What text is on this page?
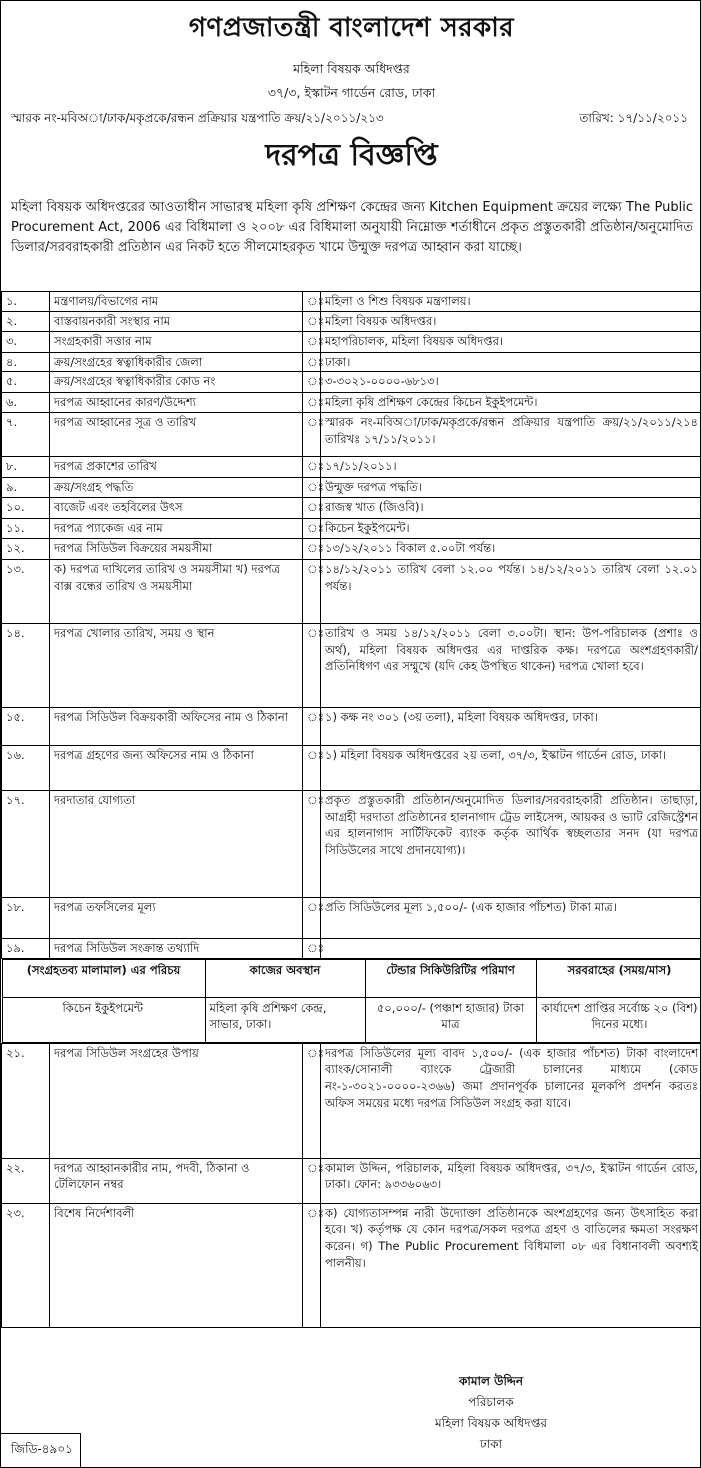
গণপ্রজাতন্ত্রী বাংলাদেশ সরকার
মহিলা বিষয়ক অধিদপ্তর
৩৭/৩, ইস্কাটন গার্ডেন রোড, ঢাকা
স্মারক নং-মবিঅা/ঢাক/মকৃপ্রকে/রন্ধন প্রক্রিয়ার যন্ত্রপাতি ক্রয়/২১/২০১১/২১৩	তারিখ: ১৭/১১/২০১১
দরপত্র বিজ্ঞপ্তি
মহিলা বিষয়ক অধিদপ্তরের আওতাধীন সাভারস্থ মহিলা কৃষি প্রশিক্ষণ কেন্দ্রের জন্য Kitchen Equipment ক্রয়ের লক্ষ্যে The Public Procurement Act, 2006 এর বিধিমালা ও ২০০৮ এর বিধিমালা অনুযায়ী নিম্নোক্ত শর্তাধীনে প্রকৃত প্রস্তুতকারী প্রতিষ্ঠান/অনুমোদিত ডিলার/সরবরাহকারী প্রতিষ্ঠান এর নিকট হতে সীলমোহরকৃত খামে উন্মুক্ত দরপত্র আহ্বান করা যাচ্ছে।
১.	মন্ত্রণালয়/বিভাগের নাম	ঃ	মহিলা ও শিশু বিষয়ক মন্ত্রণালয়।
২.	বাস্তবায়নকারী সংস্থার নাম	ঃ	মহিলা বিষয়ক অধিদপ্তর।
৩.	সংগ্রহকারী সত্তার নাম	ঃ	মহাপরিচালক, মহিলা বিষয়ক অধিদপ্তর।
৪.	ক্রয়/সংগ্রহের স্বত্বাধিকারীর জেলা	ঃ	ঢাকা।
৫.	ক্রয়/সংগ্রহের স্বত্বাধিকারীর কোড নং	ঃ	৩-৩০২১-০০০০-৬৮১৩।
৬.	দরপত্র আহ্বানের কারণ/উদ্দেশ্য	ঃ	মহিলা কৃষি প্রশিক্ষণ কেন্দ্রের কিচেন ইকুইপমেন্ট।
৭.	দরপত্র আহ্বানের সূত্র ও তারিখ	ঃ	স্মারক নং-মবিঅা/ঢাক/মকৃপ্রকে/রন্ধন প্রক্রিয়ার যন্ত্রপাতি ক্রয়/২১/২০১১/২১৪ তারিখঃ ১৭/১১/২০১১।
৮.	দরপত্র প্রকাশের তারিখ	ঃ	১৭/১১/২০১১।
৯.	ক্রয়/সংগ্রহ পদ্ধতি	ঃ	উন্মুক্ত দরপত্র পদ্ধতি।
১০.	বাজেট এবং তহবিলের উৎস	ঃ	রাজস্ব খাত (জিওবি)।
১১.	দরপত্র প্যাকেজ এর নাম	ঃ	কিচেন ইকুইপমেন্ট।
১২.	দরপত্র সিডিউল বিক্রয়ের সময়সীমা	ঃ	১৩/১২/২০১১ বিকাল ৫.০০টা পর্যন্ত।
১৩.	ক) দরপত্র দাখিলের তারিখ ও সময়সীমা খ) দরপত্র বাক্স বন্ধের তারিখ ও সময়সীমা	ঃ	১৪/১২/২০১১ তারিখ বেলা ১২.০০ পর্যন্ত। ১৪/১২/২০১১ তারিখ বেলা ১২.০১ পর্যন্ত।
১৪.	দরপত্র খোলার তারিখ, সময় ও স্থান	ঃ	তারিখ ও সময় ১৪/১২/২০১১ বেলা ৩.০০টা। স্থান: উপ-পরিচালক (প্রশাঃ ও অর্থ), মহিলা বিষয়ক অধিদপ্তর এর দাপ্তরিক কক্ষ। দরপত্রে অংশগ্রহণকারী/প্রতিনিধিগণ এর সম্মুখে (যদি কেহ উপস্থিত থাকেন) দরপত্র খোলা হবে।
১৫.	দরপত্র সিডিউল বিক্রয়কারী অফিসের নাম ও ঠিকানা	ঃ	১) কক্ষ নং ৩০১ (৩য় তলা), মহিলা বিষয়ক অধিদপ্তর, ঢাকা।
১৬.	দরপত্র গ্রহণের জন্য অফিসের নাম ও ঠিকানা	ঃ	১) মহিলা বিষয়ক অধিদপ্তরের ২য় তলা, ৩৭/৩, ইস্কাটন গার্ডেন রোড, ঢাকা।
১৭.	দরদাতার যোগ্যতা	ঃ	প্রকৃত প্রস্তুতকারী প্রতিষ্ঠান/অনুমোদিত ডিলার/সরবরাহকারী প্রতিষ্ঠান। তাছাড়া, আগ্রহী দরদাতা প্রতিষ্ঠানের হালনাগাদ ট্রেড লাইসেন্স, আয়কর ও ভ্যাট রেজিস্ট্রেশন এর হালনাগাদ সার্টিফিকেট ব্যাংক কর্তৃক আর্থিক স্বচ্ছলতার সনদ (যা দরপত্র সিডিউলের সাথে প্রদানযোগ্য)।
১৮.	দরপত্র তফসিলের মূল্য	ঃ	প্রতি সিডিউলের মূল্য ১,৫০০/- (এক হাজার পাঁচশত) টাকা মাত্র।
১৯.	দরপত্র সিডিউল সংক্রান্ত তথ্যাদি	ঃ	

(সংগ্রহতব্য মালামাল) এর পরিচয়	কাজের অবস্থান	টেন্ডার সিকিউরিটির পরিমাণ	সরবরাহের (সময়/মাস)
কিচেন ইকুইপমেন্ট	মহিলা কৃষি প্রশিক্ষণ কেন্দ্র, সাভার, ঢাকা।	৫০,০০০/- (পঞ্চাশ হাজার) টাকা মাত্র	কার্যাদেশ প্রাপ্তির সর্বোচ্চ ২০ (বিশ) দিনের মধ্যে।

২১.	দরপত্র সিডিউল সংগ্রহের উপায়	ঃ	দরপত্র সিডিউলের মূল্য বাবদ ১,৫০০/- (এক হাজার পাঁচশত) টাকা বাংলাদেশ ব্যাংক/সোনালী ব্যাংকে ট্রেজারী চালানের মাধ্যমে (কোড নং-১-৩০২১-০০০০-২৩৬৬) জমা প্রদানপূর্বক চালানের মূলকপি প্রদর্শন করতঃ অফিস সময়ের মধ্যে দরপত্র সিডিউল সংগ্রহ করা যাবে।
২২.	দরপত্র আহ্বানকারীর নাম, পদবী, ঠিকানা ও টেলিফোন নম্বর	ঃ	কামাল উদ্দিন, পরিচালক, মহিলা বিষয়ক অধিদপ্তর, ৩৭/৩, ইস্কাটন গার্ডেন রোড, ঢাকা। ফোন: ৯৩৩৬০৬৩।
২৩.	বিশেষ নির্দেশাবলী	ঃ	ক) যোগ্যতাসম্পন্ন নারী উদ্যোক্তা প্রতিষ্ঠানকে অংশগ্রহণের জন্য উৎসাহিত করা হবে। খ) কর্তৃপক্ষ যে কোন দরপত্র/সকল দরপত্র গ্রহণ ও বাতিলের ক্ষমতা সংরক্ষণ করেন। গ) The Public Procurement বিধিমালা ০৮ এর বিধানাবলী অবশ্যই পালনীয়।
কামাল উদ্দিন
পরিচালক
মহিলা বিষয়ক অধিদপ্তর
ঢাকা
জিডি-৪৯০১
